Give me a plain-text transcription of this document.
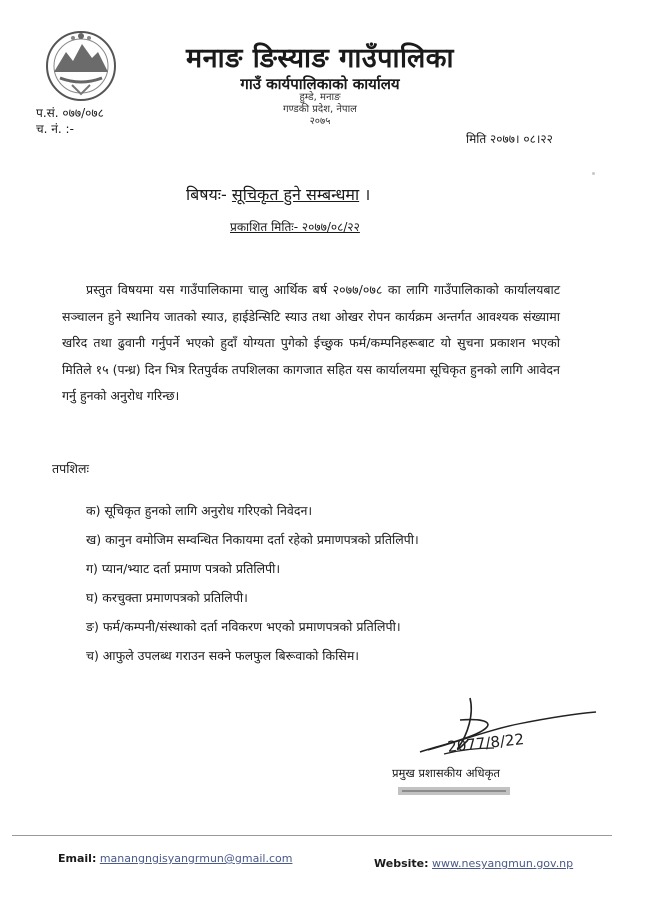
मनाङ ङिस्याङ गाउँपालिका
गाउँ कार्यपालिकाको कार्यालय
हुम्डे, मनाङ
गण्डकी प्रदेश, नेपाल
२०७५
प.सं. ०७७/०७८
च. नं. :-
मिति २०७७। ०८।२२
बिषयः- सूचिकृत हुने सम्बन्धमा ।
प्रकाशित मितिः- २०७७/०८/२२
प्रस्तुत विषयमा यस गाउँपालिकामा चालु आर्थिक बर्ष २०७७/०७८ का लागि गाउँपालिकाको कार्यालयबाट सञ्चालन हुने स्थानिय जातको स्याउ, हाईडेन्सिटि स्याउ तथा ओखर रोपन कार्यक्रम अन्तर्गत आवश्यक संख्यामा खरिद तथा ढुवानी गर्नुपर्ने भएको हुदाँ योग्यता पुगेको ईच्छुक फर्म/कम्पनिहरूबाट यो सुचना प्रकाशन भएको मितिले १५ (पन्ध्र) दिन भित्र रितपुर्वक तपशिलका कागजात सहित यस कार्यालयमा सूचिकृत हुनको लागि आवेदन गर्नु हुनको अनुरोध गरिन्छ।
तपशिलः
क) सूचिकृत हुनको लागि अनुरोध गरिएको निवेदन।
ख) कानुन वमोजिम सम्वन्धित निकायमा दर्ता रहेको प्रमाणपत्रको प्रतिलिपी।
ग) प्यान/भ्याट दर्ता प्रमाण पत्रको प्रतिलिपी।
घ) करचुक्ता प्रमाणपत्रको प्रतिलिपी।
ङ) फर्म/कम्पनी/संस्थाको दर्ता नविकरण भएको प्रमाणपत्रको प्रतिलिपी।
च) आफुले उपलब्ध गराउन सक्ने फलफुल बिरूवाको किसिम।
2077/8/22
प्रमुख प्रशासकीय अधिकृत
Email: manangngisyangrmun@gmail.com	Website: www.nesyangmun.gov.np
